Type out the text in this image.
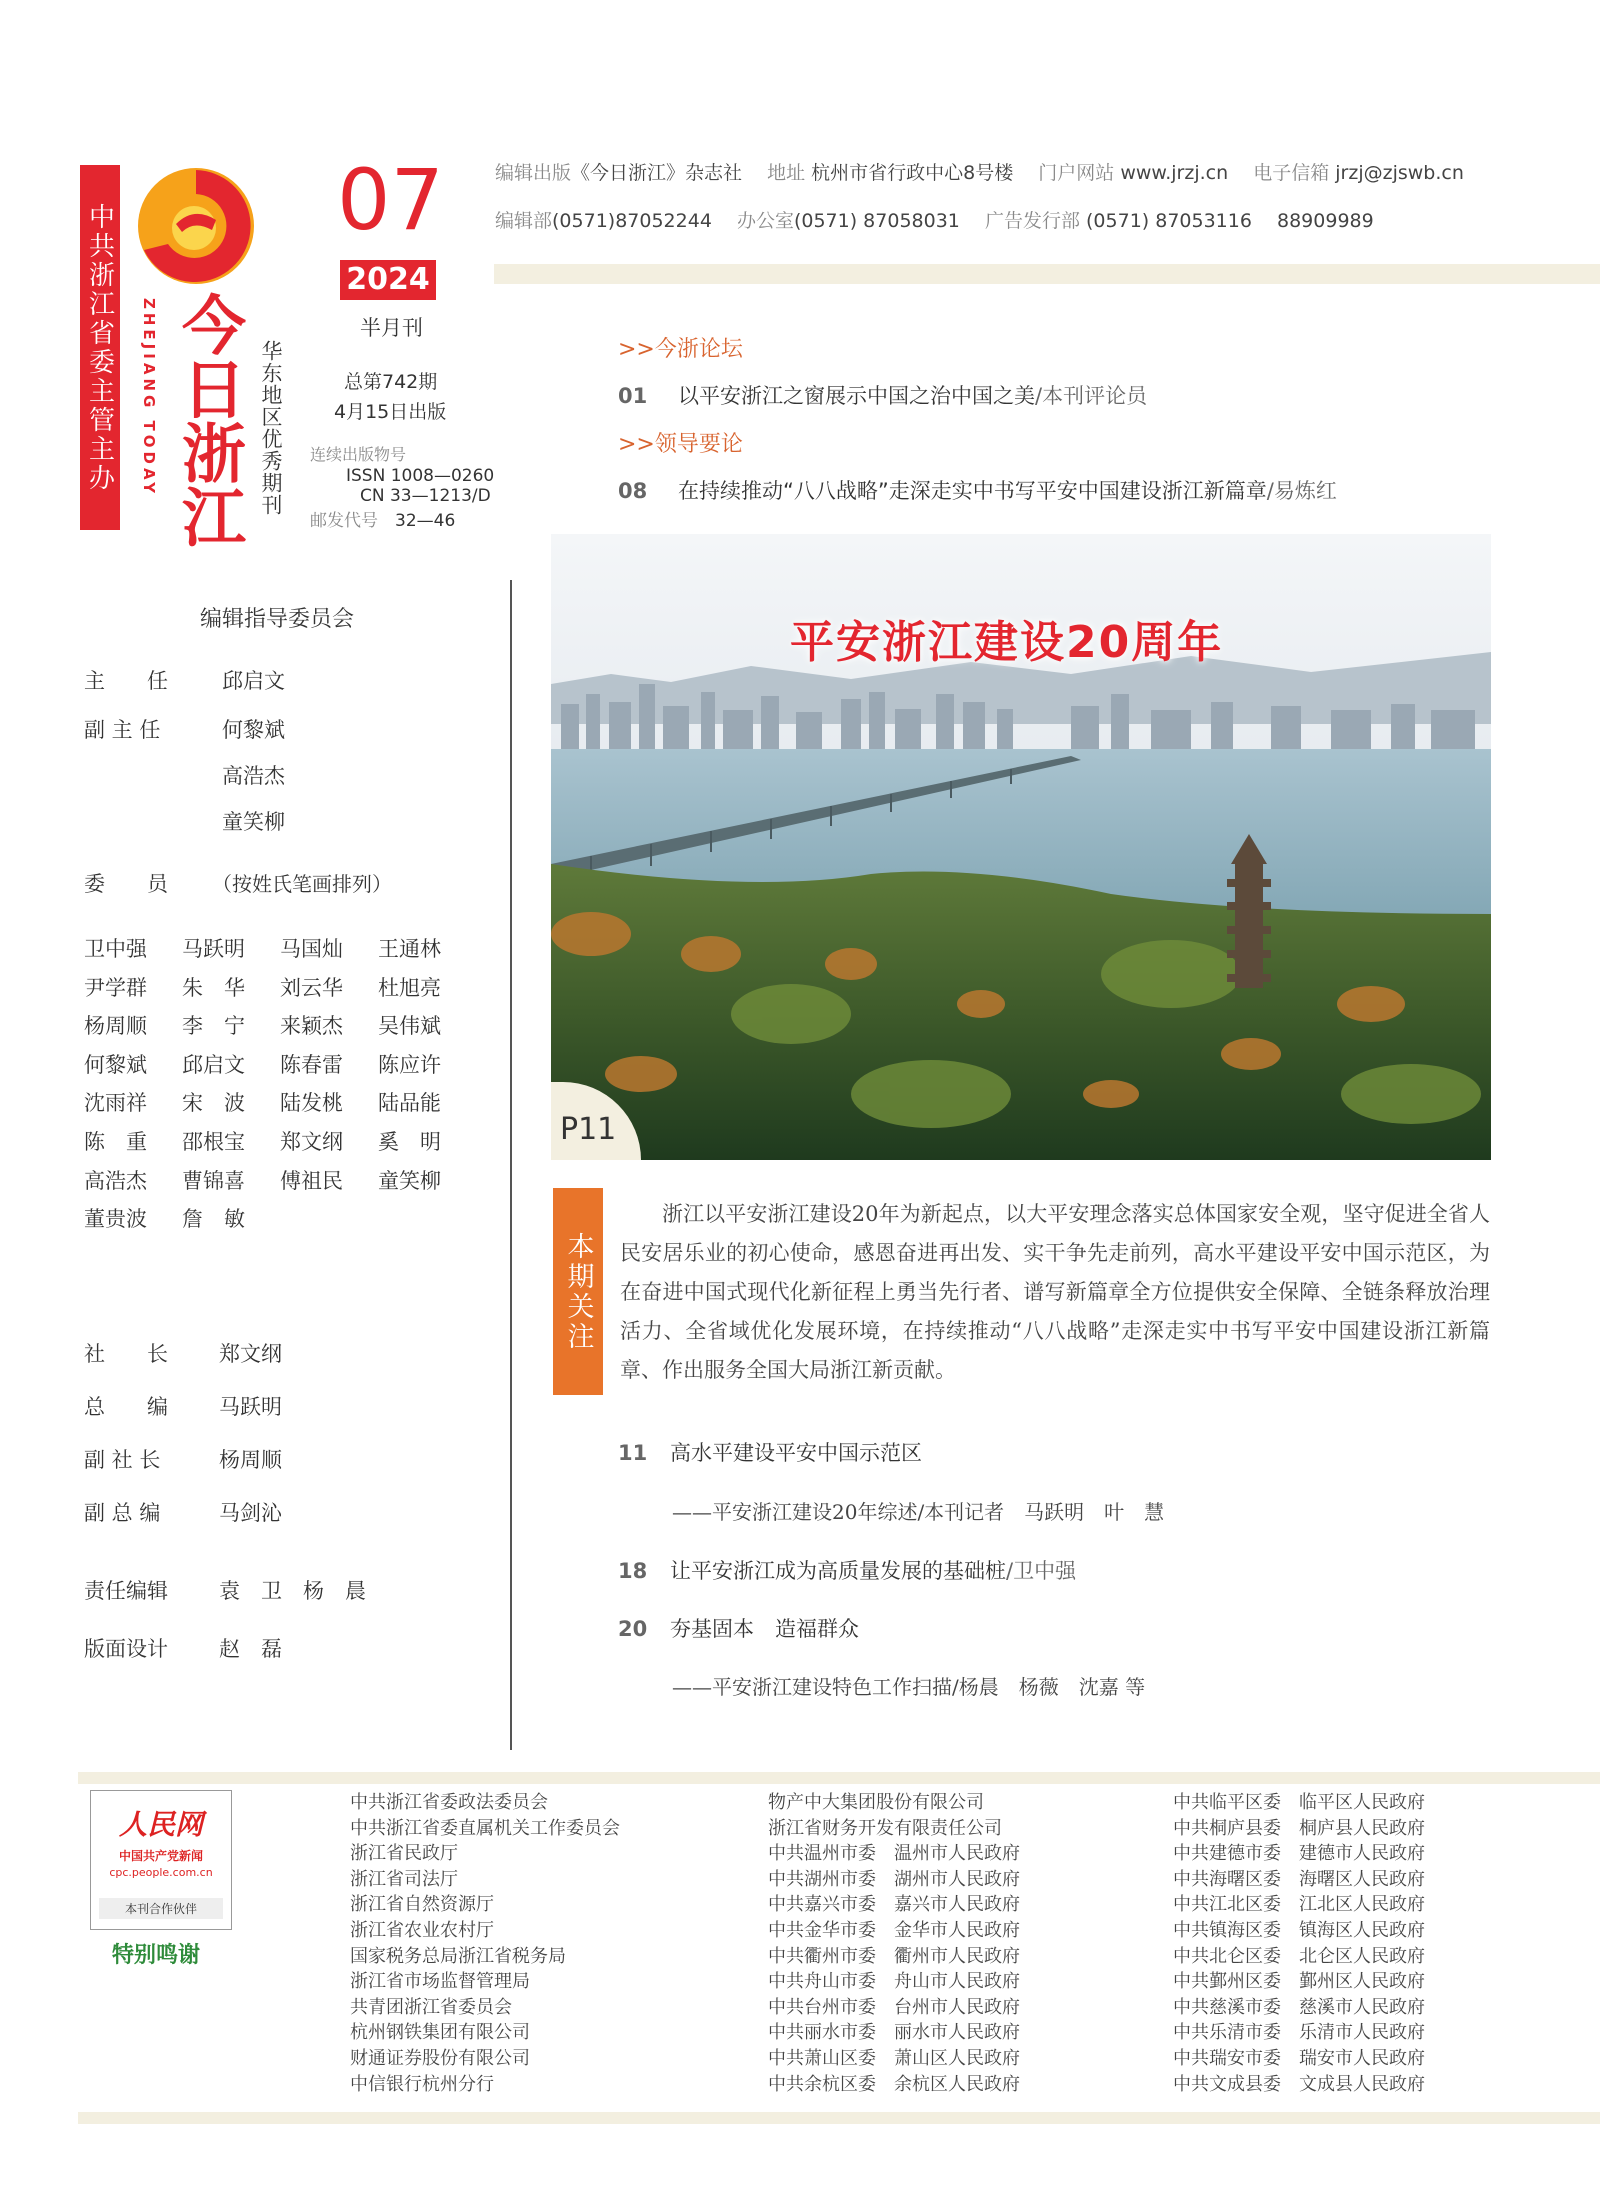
中共浙江省委主管主办 ZHEJIANG TODAY 今日浙江 华东地区优秀期刊
07
2024
半月刊
总第742期
4月15日出版
连续出版物号
ISSN 1008—0260
CN 33—1213/D
邮发代号　 32—46
编辑出版《今日浙江》杂志社　 地址 杭州市省行政中心8号楼　 门户网站 www.jrzj.cn　 电子信箱 jrzj@zjswb.cn
编辑部(0571)87052244　 办公室(0571) 87058031　 广告发行部 (0571) 87053116　 88909989
>>今浙论坛
01 以平安浙江之窗展示中国之治中国之美/本刊评论员
>>领导要论
08 在持续推动“八八战略”走深走实中书写平安中国建设浙江新篇章/易炼红
平安浙江建设20周年
P11
本期关注
浙江以平安浙江建设20年为新起点，以大平安理念落实总体国家安全观，坚守促进全省人民安居乐业的初心使命，感恩奋进再出发、实干争先走前列，高水平建设平安中国示范区，为在奋进中国式现代化新征程上勇当先行者、谱写新篇章全方位提供安全保障、全链条释放治理活力、全省域优化发展环境，在持续推动“八八战略”走深走实中书写平安中国建设浙江新篇章、作出服务全国大局浙江新贡献。
11 高水平建设平安中国示范区
——平安浙江建设20年综述/本刊记者　马跃明　叶　慧
18 让平安浙江成为高质量发展的基础桩/卫中强
20 夯基固本　造福群众
——平安浙江建设特色工作扫描/杨晨　杨薇　沈嘉 等
编辑指导委员会
主　　任	邱启文
副 主 任	何黎斌
高浩杰
童笑柳
委　　员 （按姓氏笔画排列）
卫中强	马跃明	马国灿	王通林
尹学群	朱　华	刘云华	杜旭亮
杨周顺	李　宁	来颖杰	吴伟斌
何黎斌	邱启文	陈春雷	陈应许
沈雨祥	宋　波	陆发桃	陆品能
陈　重	邵根宝	郑文纲	奚　明
高浩杰	曹锦喜	傅祖民	童笑柳
董贵波	詹　敏
社　　长 郑文纲
总　　编 马跃明
副 社 长	杨周顺
副 总 编	马剑沁
责任编辑 袁　卫　杨　晨
版面设计 赵　磊
人民网
中国共产党新闻
cpc.people.com.cn
本刊合作伙伴
特别鸣谢
中共浙江省委政法委员会
中共浙江省委直属机关工作委员会
浙江省民政厅
浙江省司法厅
浙江省自然资源厅
浙江省农业农村厅
国家税务总局浙江省税务局
浙江省市场监督管理局
共青团浙江省委员会
杭州钢铁集团有限公司
财通证券股份有限公司
中信银行杭州分行
物产中大集团股份有限公司
浙江省财务开发有限责任公司
中共温州市委　温州市人民政府
中共湖州市委　湖州市人民政府
中共嘉兴市委　嘉兴市人民政府
中共金华市委　金华市人民政府
中共衢州市委　衢州市人民政府
中共舟山市委　舟山市人民政府
中共台州市委　台州市人民政府
中共丽水市委　丽水市人民政府
中共萧山区委　萧山区人民政府
中共余杭区委　余杭区人民政府
中共临平区委　临平区人民政府
中共桐庐县委　桐庐县人民政府
中共建德市委　建德市人民政府
中共海曙区委　海曙区人民政府
中共江北区委　江北区人民政府
中共镇海区委　镇海区人民政府
中共北仑区委　北仑区人民政府
中共鄞州区委　鄞州区人民政府
中共慈溪市委　慈溪市人民政府
中共乐清市委　乐清市人民政府
中共瑞安市委　瑞安市人民政府
中共文成县委　文成县人民政府
